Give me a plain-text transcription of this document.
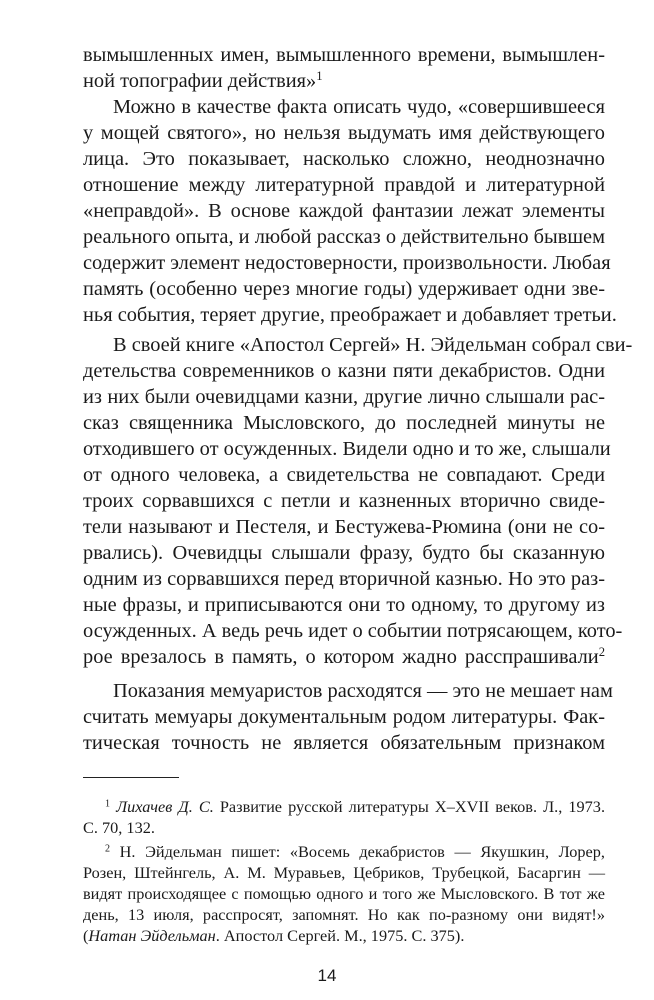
вымышленных имен, вымышленного времени, вымышлен-
ной топографии действия»$^1$
Можно в качестве факта описать чудо, «совершившееся
у мощей святого», но нельзя выдумать имя действующего
лица. Это показывает, насколько сложно, неоднозначно
отношение между литературной правдой и литературной
«неправдой». В основе каждой фантазии лежат элементы
реального опыта, и любой рассказ о действительно бывшем
содержит элемент недостоверности, произвольности. Любая
память (особенно через многие годы) удерживает одни зве-
нья события, теряет другие, преображает и добавляет третьи.
В своей книге «Апостол Сергей» Н. Эйдельман собрал сви-
детельства современников о казни пяти декабристов. Одни
из них были очевидцами казни, другие лично слышали рас-
сказ священника Мысловского, до последней минуты не
отходившего от осужденных. Видели одно и то же, слышали
от одного человека, а свидетельства не совпадают. Среди
троих сорвавшихся с петли и казненных вторично свиде-
тели называют и Пестеля, и Бестужева-Рюмина (они не со-
рвались). Очевидцы слышали фразу, будто бы сказанную
одним из сорвавшихся перед вторичной казнью. Но это раз-
ные фразы, и приписываются они то одному, то другому из
осужденных. А ведь речь идет о событии потрясающем, кото-
рое врезалось в память, о котором жадно расспрашивали$^2$
Показания мемуаристов расходятся — это не мешает нам
считать мемуары документальным родом литературы. Фак-
тическая точность не является обязательным признаком
$^1$ Лихачев Д. С. Развитие русской литературы X–XVII веков. Л., 1973.
С. 70, 132.
$^2$ Н. Эйдельман пишет: «Восемь декабристов — Якушкин, Лорер,
Розен, Штейнгель, А. М. Муравьев, Цебриков, Трубецкой, Басаргин —
видят происходящее с помощью одного и того же Мысловского. В тот же
день, 13 июля, расспросят, запомнят. Но как по-разному они видят!»
(Натан Эйдельман. Апостол Сергей. М., 1975. С. 375).
14
